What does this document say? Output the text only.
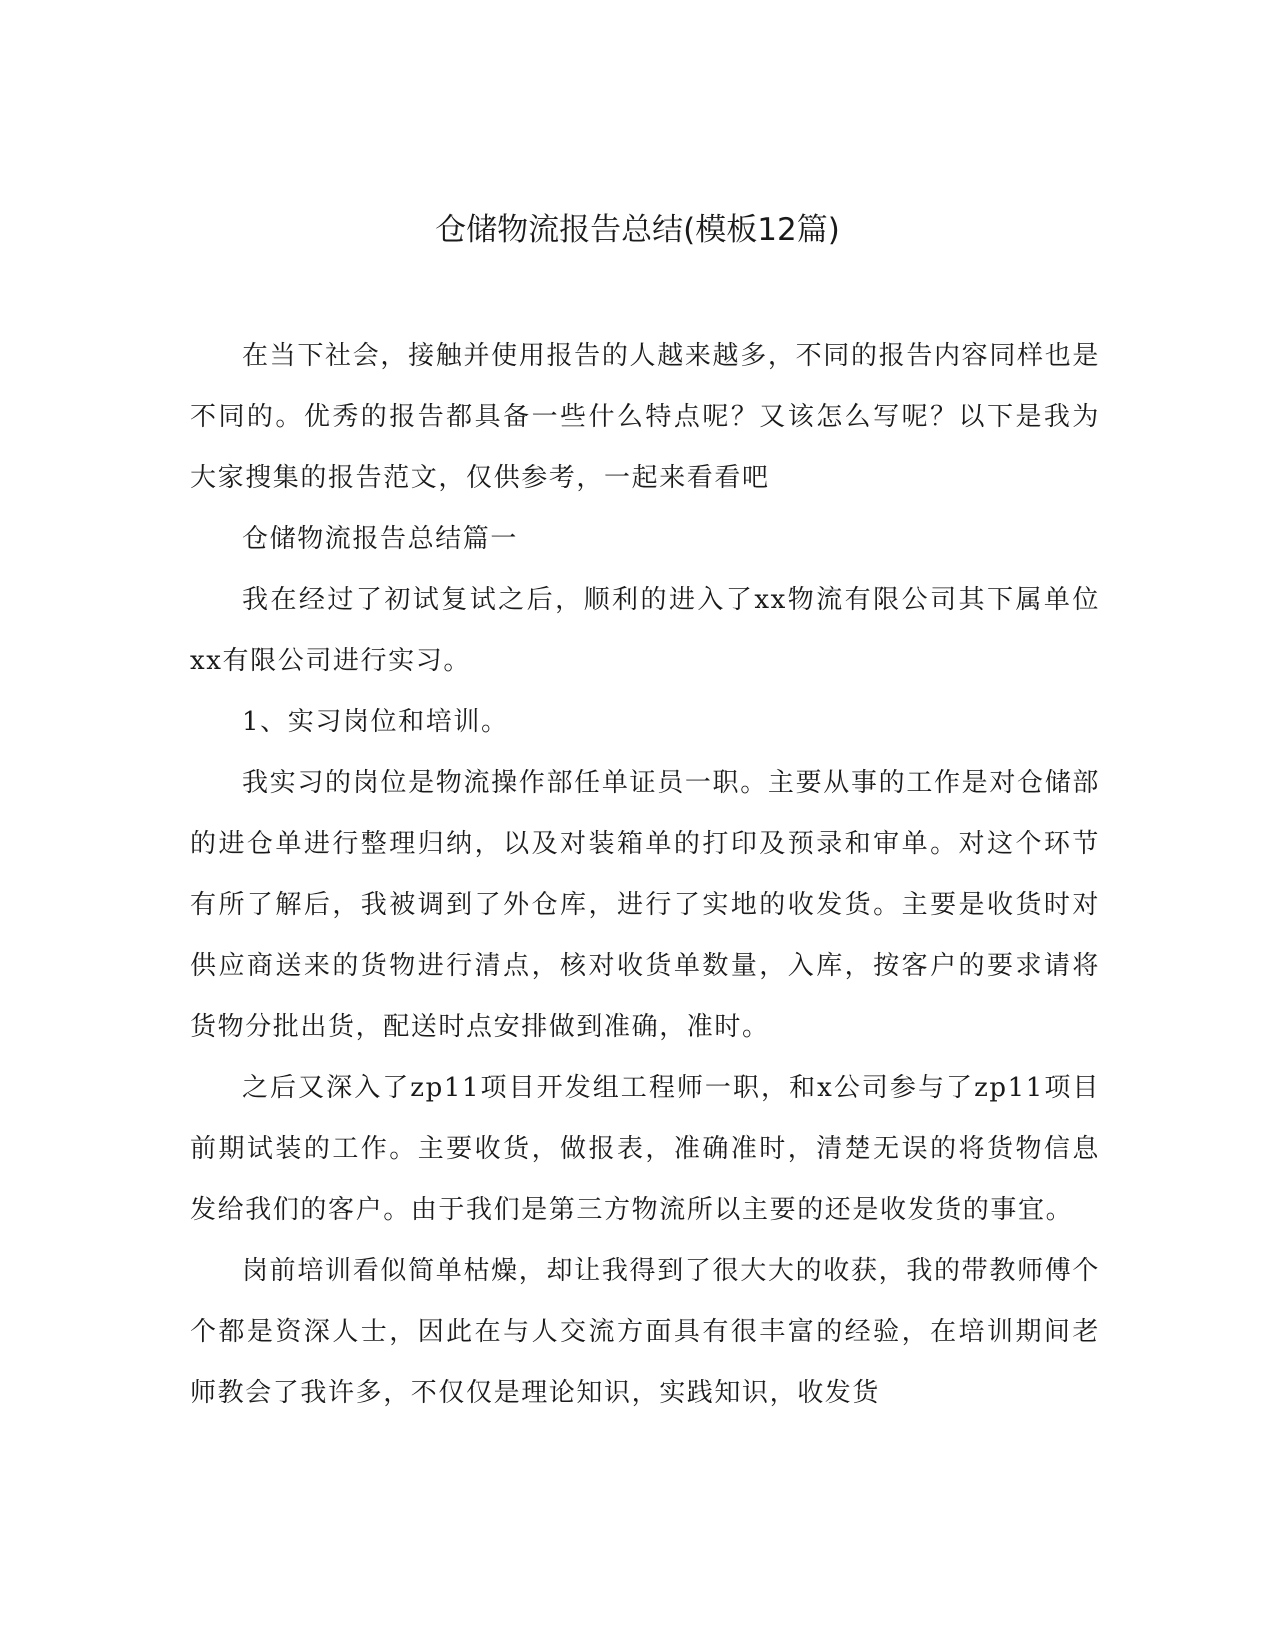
仓储物流报告总结(模板12篇)

在当下社会，接触并使用报告的人越来越多，不同的报告内容同样也是不同的。优秀的报告都具备一些什么特点呢？又该怎么写呢？以下是我为大家搜集的报告范文，仅供参考，一起来看看吧

仓储物流报告总结篇一

我在经过了初试复试之后，顺利的进入了xx物流有限公司其下属单位xx有限公司进行实习。

1、实习岗位和培训。

我实习的岗位是物流操作部任单证员一职。主要从事的工作是对仓储部的进仓单进行整理归纳，以及对装箱单的打印及预录和审单。对这个环节有所了解后，我被调到了外仓库，进行了实地的收发货。主要是收货时对供应商送来的货物进行清点，核对收货单数量，入库，按客户的要求请将货物分批出货，配送时点安排做到准确，准时。

之后又深入了zp11项目开发组工程师一职，和x公司参与了zp11项目前期试装的工作。主要收货，做报表，准确准时，清楚无误的将货物信息发给我们的客户。由于我们是第三方物流所以主要的还是收发货的事宜。

岗前培训看似简单枯燥，却让我得到了很大大的收获，我的带教师傅个个都是资深人士，因此在与人交流方面具有很丰富的经验，在培训期间老师教会了我许多，不仅仅是理论知识，实践知识，收发货
